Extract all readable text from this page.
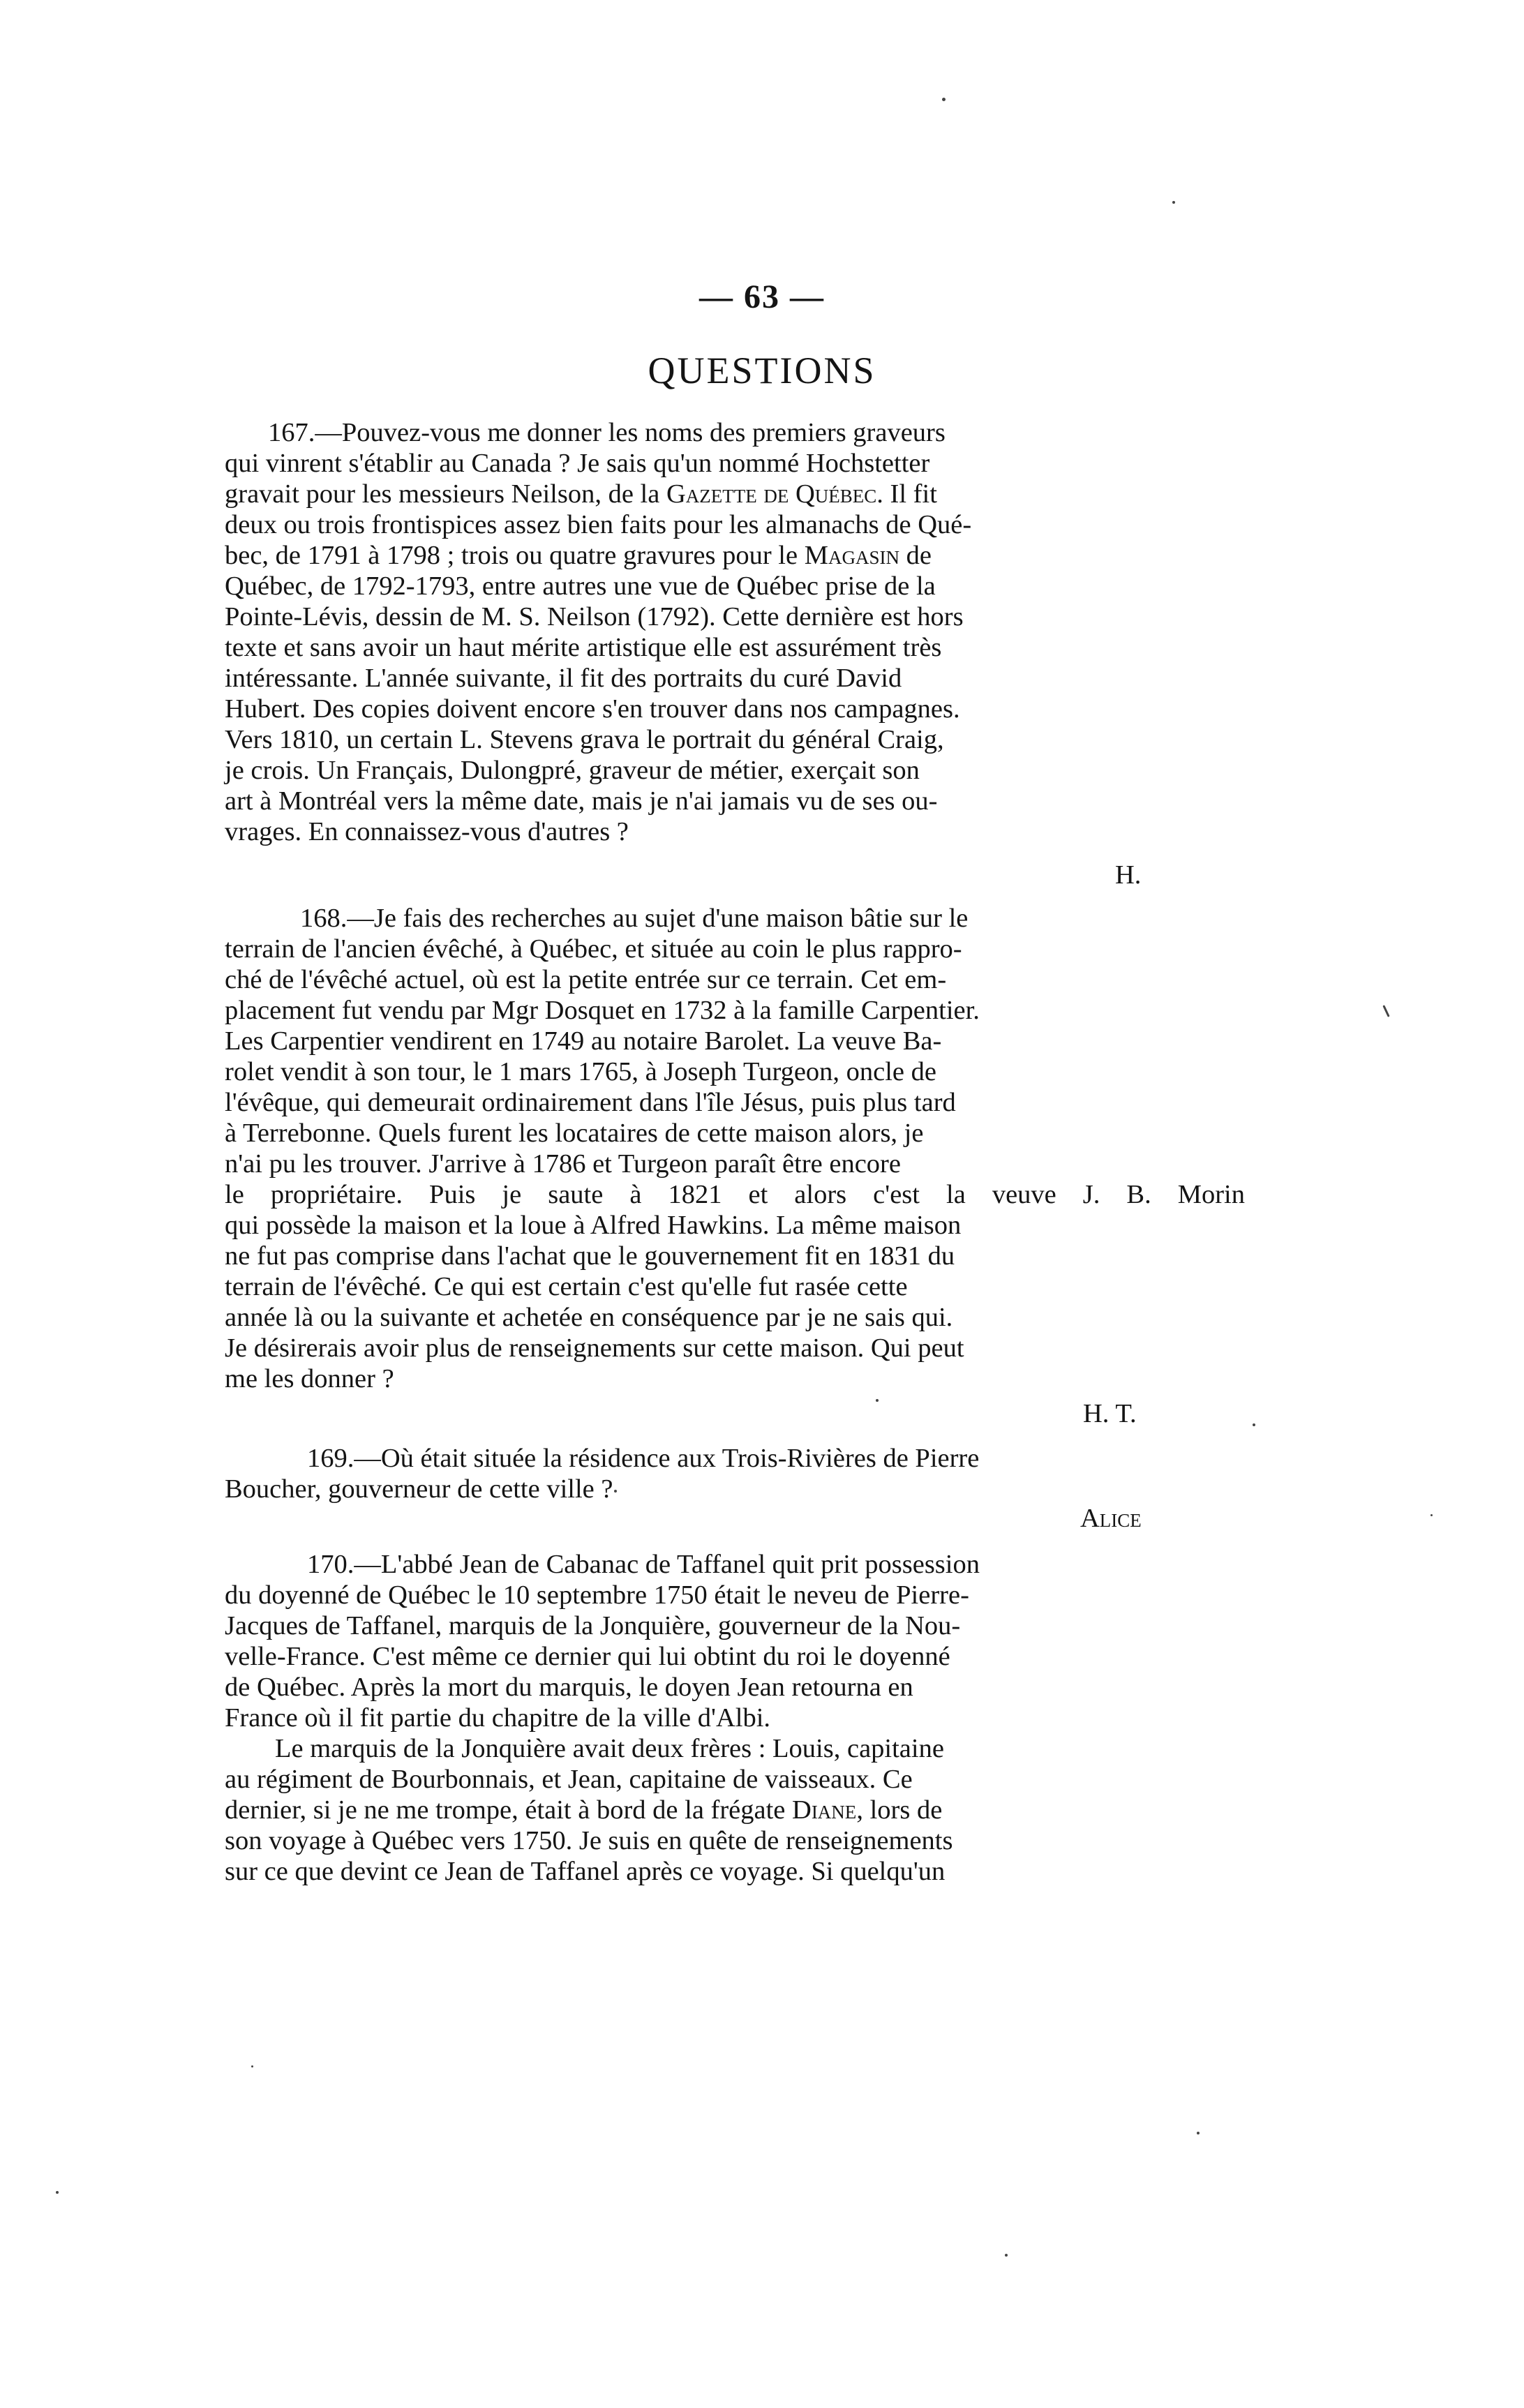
— 63 —
QUESTIONS

167.—Pouvez-vous me donner les noms des premiers graveurs

qui vinrent s'établir au Canada ? Je sais qu'un nommé Hochstetter

gravait pour les messieurs Neilson, de la Gazette de Québec. Il fit

deux ou trois frontispices assez bien faits pour les almanachs de Qué-

bec, de 1791 à 1798 ; trois ou quatre gravures pour le Magasin de

Québec, de 1792-1793, entre autres une vue de Québec prise de la

Pointe-Lévis, dessin de M. S. Neilson (1792). Cette dernière est hors

texte et sans avoir un haut mérite artistique elle est assurément très

intéressante. L'année suivante, il fit des portraits du curé David

Hubert. Des copies doivent encore s'en trouver dans nos campagnes.

Vers 1810, un certain L. Stevens grava le portrait du général Craig,

je crois. Un Français, Dulongpré, graveur de métier, exerçait son

art à Montréal vers la même date, mais je n'ai jamais vu de ses ou-

vrages. En connaissez-vous d'autres ?

H.

168.—Je fais des recherches au sujet d'une maison bâtie sur le

terrain de l'ancien évêché, à Québec, et située au coin le plus rappro-

ché de l'évêché actuel, où est la petite entrée sur ce terrain. Cet em-

placement fut vendu par Mgr Dosquet en 1732 à la famille Carpentier.

Les Carpentier vendirent en 1749 au notaire Barolet. La veuve Ba-

rolet vendit à son tour, le 1 mars 1765, à Joseph Turgeon, oncle de

l'évêque, qui demeurait ordinairement dans l'île Jésus, puis plus tard

à Terrebonne. Quels furent les locataires de cette maison alors, je

n'ai pu les trouver. J'arrive à 1786 et Turgeon paraît être encore

le propriétaire. Puis je saute à 1821 et alors c'est la veuve J. B. Morin

qui possède la maison et la loue à Alfred Hawkins. La même maison

ne fut pas comprise dans l'achat que le gouvernement fit en 1831 du

terrain de l'évêché. Ce qui est certain c'est qu'elle fut rasée cette

année là ou la suivante et achetée en conséquence par je ne sais qui.

Je désirerais avoir plus de renseignements sur cette maison. Qui peut

me les donner ?

H. T.

169.—Où était située la résidence aux Trois-Rivières de Pierre

Boucher, gouverneur de cette ville ?

Alice

170.—L'abbé Jean de Cabanac de Taffanel quit prit possession

du doyenné de Québec le 10 septembre 1750 était le neveu de Pierre-

Jacques de Taffanel, marquis de la Jonquière, gouverneur de la Nou-

velle-France. C'est même ce dernier qui lui obtint du roi le doyenné

de Québec. Après la mort du marquis, le doyen Jean retourna en

France où il fit partie du chapitre de la ville d'Albi.

Le marquis de la Jonquière avait deux frères : Louis, capitaine

au régiment de Bourbonnais, et Jean, capitaine de vaisseaux. Ce

dernier, si je ne me trompe, était à bord de la frégate Diane, lors de

son voyage à Québec vers 1750. Je suis en quête de renseignements

sur ce que devint ce Jean de Taffanel après ce voyage. Si quelqu'un
